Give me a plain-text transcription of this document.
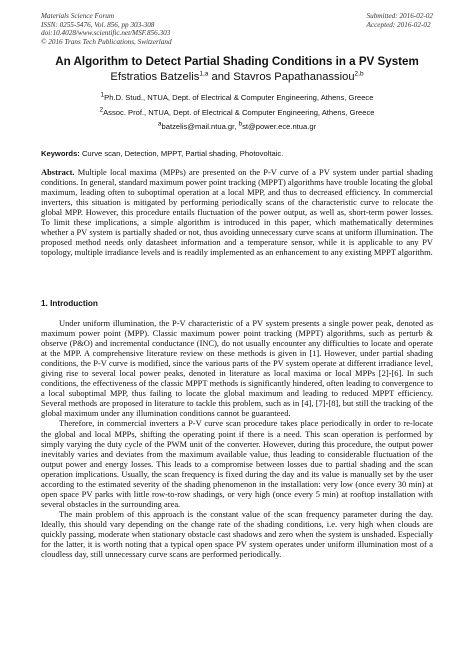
Materials Science Forum
ISSN: 0255-5476, Vol. 856, pp 303-308
doi:10.4028/www.scientific.net/MSF.856.303
© 2016 Trans Tech Publications, Switzerland
Submitted: 2016-02-02
Accepted: 2016-02-02
An Algorithm to Detect Partial Shading Conditions in a PV System
Efstratios Batzelis$^{1,a}$ and Stavros Papathanassiou$^{2,b}$
$^1$Ph.D. Stud., NTUA, Dept. of Electrical & Computer Engineering, Athens, Greece
$^2$Assoc. Prof., NTUA, Dept. of Electrical & Computer Engineering, Athens, Greece
$^a$batzelis@mail.ntua.gr, $^b$st@power.ece.ntua.gr
Keywords: Curve scan, Detection, MPPT, Partial shading, Photovoltaic.
Abstract. Multiple local maxima (MPPs) are presented on the P-V curve of a PV system under partial shading conditions. In general, standard maximum power point tracking (MPPT) algorithms have trouble locating the global maximum, leading often to suboptimal operation at a local MPP, and thus to decreased efficiency. In commercial inverters, this situation is mitigated by performing periodically scans of the characteristic curve to relocate the global MPP. However, this procedure entails fluctuation of the power output, as well as, short-term power losses. To limit these implications, a simple algorithm is introduced in this paper, which mathematically determines whether a PV system is partially shaded or not, thus avoiding unnecessary curve scans at uniform illumination. The proposed method needs only datasheet information and a temperature sensor, while it is applicable to any PV topology, multiple irradiance levels and is readily implemented as an enhancement to any existing MPPT algorithm.
1. Introduction

Under uniform illumination, the P-V characteristic of a PV system presents a single power peak, denoted as maximum power point (MPP). Classic maximum power point tracking (MPPT) algorithms, such as perturb & observe (P&O) and incremental conductance (INC), do not usually encounter any difficulties to locate and operate at the MPP. A comprehensive literature review on these methods is given in [1]. However, under partial shading conditions, the P-V curve is modified, since the various parts of the PV system operate at different irradiance level, giving rise to several local power peaks, denoted in literature as local maxima or local MPPs [2]-[6]. In such conditions, the effectiveness of the classic MPPT methods is significantly hindered, often leading to convergence to a local suboptimal MPP, thus failing to locate the global maximum and leading to reduced MPPT efficiency. Several methods are proposed in literature to tackle this problem, such as in [4], [7]-[8], but still the tracking of the global maximum under any illumination conditions cannot be guaranteed.

Therefore, in commercial inverters a P-V curve scan procedure takes place periodically in order to re-locate the global and local MPPs, shifting the operating point if there is a need. This scan operation is performed by simply varying the duty cycle of the PWM unit of the converter. However, during this procedure, the output power inevitably varies and deviates from the maximum available value, thus leading to considerable fluctuation of the output power and energy losses. This leads to a compromise between losses due to partial shading and the scan operation implications. Usually, the scan frequency is fixed during the day and its value is manually set by the user according to the estimated severity of the shading phenomenon in the installation: very low (once every 30 min) at open space PV parks with little row-to-row shadings, or very high (once every 5 min) at rooftop installation with several obstacles in the surrounding area.

The main problem of this approach is the constant value of the scan frequency parameter during the day. Ideally, this should vary depending on the change rate of the shading conditions, i.e. very high when clouds are quickly passing, moderate when stationary obstacle cast shadows and zero when the system is unshaded. Especially for the latter, it is worth noting that a typical open space PV system operates under uniform illumination most of a cloudless day, still unnecessary curve scans are performed periodically.
